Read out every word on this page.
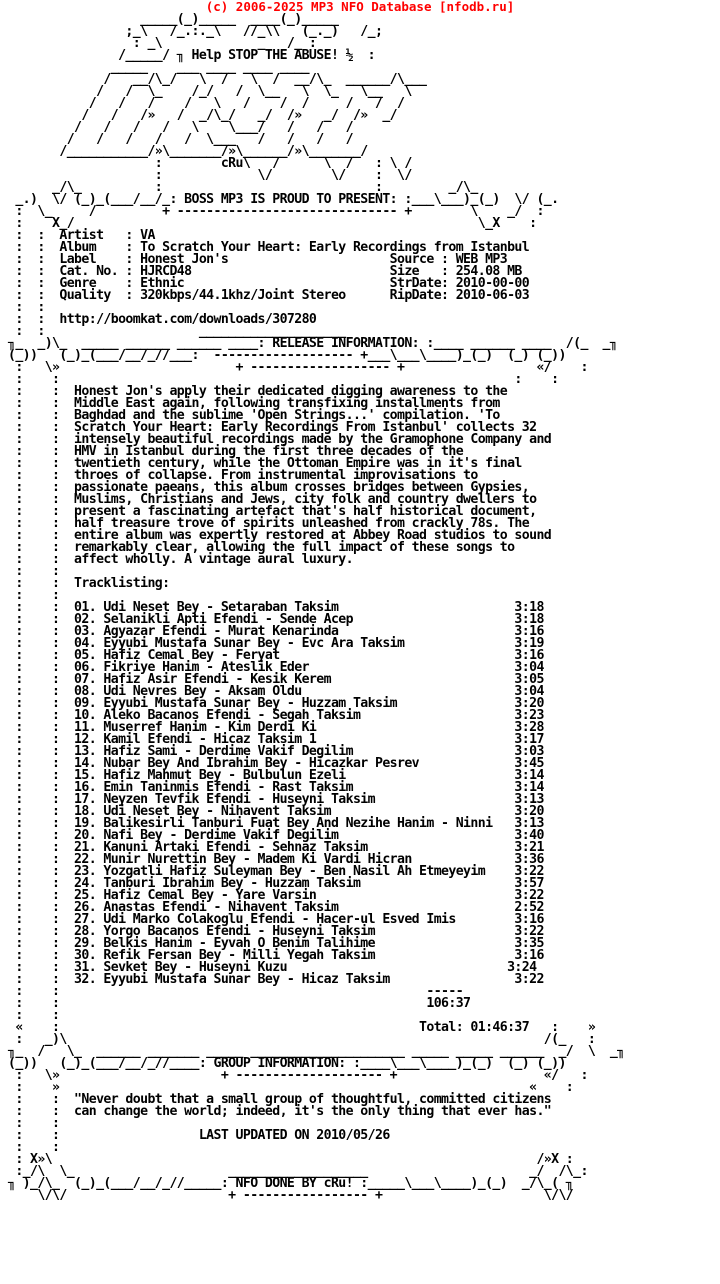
(c) 2006-2025 MP3 NFO Database [nfodb.ru]
_____(_)_____  ____(_)_____
;_\   /_.:._\   //_\\   (_._)   /_;
: _\             _   /_ :
/_____/ ╖ Help STOP THE ABUSE! ½  :
_____    ___ ____ ____ ____
/   __/\_/   \  /   \  /  __/\_  ______/\___
/   /  \_    /_/   /  \__   \  \_   \__   \
/   /   /    /   \   /    /  /     /   /  /
/   /   /»   /  _/\_/   _/  /»   _/  /»  _/
/   /   /   /   \    \___/   /   /   /
/   /   /   /   /  \___   /   /   /   /
/___________/»\_______/»\______/»\_______/
:        cRu\   /      \  /   : \ /
:             \/        \/    :  \/
_/\_          :                             :         _/\_
_.)  \/ (_)_(___/__/_: BOSS MP3 IS PROUD TO PRESENT: :___\___)_(_)  \/ (_.
:  \_     /         + ------------------------------ +        \    _/  :
:    X_/                                                       \_X    :
:  :  Artist   : VA
:  :  Album    : To Scratch Your Heart: Early Recordings from Istanbul
:  :  Label    : Honest Jon's                      Source : WEB MP3
:  :  Cat. No. : HJRCD48                           Size   : 254.08 MB
:  :  Genre    : Ethnic                            StrDate: 2010-00-00
:  :  Quality  : 320kbps/44.1khz/Joint Stereo      RipDate: 2010-06-03
:  :
:  :  http://boomkat.com/downloads/307280
:  :                     ____________________
╖_  _)\_  _____ ______ ______ ____: RELEASE INFORMATION: :____ ______ ____  /(_  _╖
(_))   (_)_(___/__/_//___:  ------------------- +___\___\____)_(_)  (_) (_))
:   \»                        + ------------------- +                  «/    :
:    :                                                              :    :
:    :  Honest Jon's apply their dedicated digging awareness to the
:    :  Middle East again, following transfixing installments from
:    :  Baghdad and the sublime 'Open Strings...' compilation. 'To
:    :  Scratch Your Heart: Early Recordings From Istanbul' collects 32
:    :  intensely beautiful recordings made by the Gramophone Company and
:    :  HMV in Istanbul during the first three decades of the
:    :  twentieth century, while the Ottoman Empire was in it's final
:    :  throes of collapse. From instrumental improvisations to
:    :  passionate paeans, this album crosses bridges between Gypsies,
:    :  Muslims, Christians and Jews, city folk and country dwellers to
:    :  present a fascinating artefact that's half historical document,
:    :  half treasure trove of spirits unleashed from crackly 78s. The
:    :  entire album was expertly restored at Abbey Road studios to sound
:    :  remarkably clear, allowing the full impact of these songs to
:    :  affect wholly. A vintage aural luxury.
:    :
:    :  Tracklisting:
:    :
:    :  01. Udi Neset Bey - Setaraban Taksim                        3:18
:    :  02. Selanikli Apti Efendi - Sende Acep                      3:18
:    :  03. Agyazar Efendi - Murat Kenarinda                        3:16
:    :  04. Eyyubi Mustafa Sunar Bey - Evc Ara Taksim               3:19
:    :  05. Hafiz Cemal Bey - Feryat                                3:16
:    :  06. Fikriye Hanim - Ateslik Eder                            3:04
:    :  07. Hafiz Asir Efendi - Kesik Kerem                         3:05
:    :  08. Udi Nevres Bey - Aksam Oldu                             3:04
:    :  09. Eyyubi Mustafa Sunar Bey - Huzzam Taksim                3:20
:    :  10. Aleko Bacanos Efendi - Segah Taksim                     3:23
:    :  11. Muserref Hanim - Kim Derdi Ki                           3:28
:    :  12. Kamil Efendi - Hicaz Taksim 1                           3:17
:    :  13. Hafiz Sami - Derdime Vakif Degilim                      3:03
:    :  14. Nubar Bey And Ibrahim Bey - Hicazkar Pesrev             3:45
:    :  15. Hafiz Mahmut Bey - Bulbulun Ezeli                       3:14
:    :  16. Emin Taninmis Efendi - Rast Taksim                      3:14
:    :  17. Neyzen Tevfik Efendi - Huseyni Taksim                   3:13
:    :  18. Udi Neset Bey - Nihavent Taksim                         3:20
:    :  19. Balikesirli Tanburi Fuat Bey And Nezihe Hanim - Ninni   3:13
:    :  20. Nafi Bey - Derdime Vakif Degilim                        3:40
:    :  21. Kanuni Artaki Efendi - Sehnaz Taksim                    3:21
:    :  22. Munir Nurettin Bey - Madem Ki Vardi Hicran              3:36
:    :  23. Yozgatli Hafiz Suleyman Bey - Ben Nasil Ah Etmeyeyim    3:22
:    :  24. Tanburi Ibrahim Bey - Huzzam Taksim                     3:57
:    :  25. Hafiz Cemal Bey - Yare Varsin                           3:22
:    :  26. Anastas Efendi - Nihavent Taksim                        2:52
:    :  27. Udi Marko Colakoglu Efendi - Hacer-ul Esved Imis        3:16
:    :  28. Yorgo Bacanos Efendi - Huseyni Taksim                   3:22
:    :  29. Belkis Hanim - Eyvah O Benim Talihime                   3:35
:    :  30. Refik Fersan Bey - Milli Yegah Taksim                   3:16
:    :  31. Sevket Bey - Huseyni Kuzu                              3:24
:    :  32. Eyyubi Mustafa Sunar Bey - Hicaz Taksim                 3:22
:    :                                                  -----
:    :                                                  106:37
:    :
«    :                                                 Total: 01:46:37   :    »
:   _)\                                                                 /(_   :
╖_  /   \_  ______ _______ _____ _____________________ _____ _____ ______  _/  \  _╖
(_))   (_)_(___/__/_//____: GROUP INFORMATION: :____\___\____)_(_)  (_) (_))
:   \»                      + -------------------- +                    «/   :
:    »                                                                «    :
:    :  "Never doubt that a small group of thoughtful, committed citizens
:    :  can change the world; indeed, it's the only thing that ever has."
:    :
:    :                   LAST UPDATED ON 2010/05/26
:    :
: X»\                                                                  /»X :
:_/\  \_                     ___________________                      _/  /\_:
╖ )_/\_  (_)_(___/__/_//_____: NFO DONE BY cRu! :_____\___\____)_(_)  _/\_( ╖
\/\/                      + ----------------- +                      \/\/
